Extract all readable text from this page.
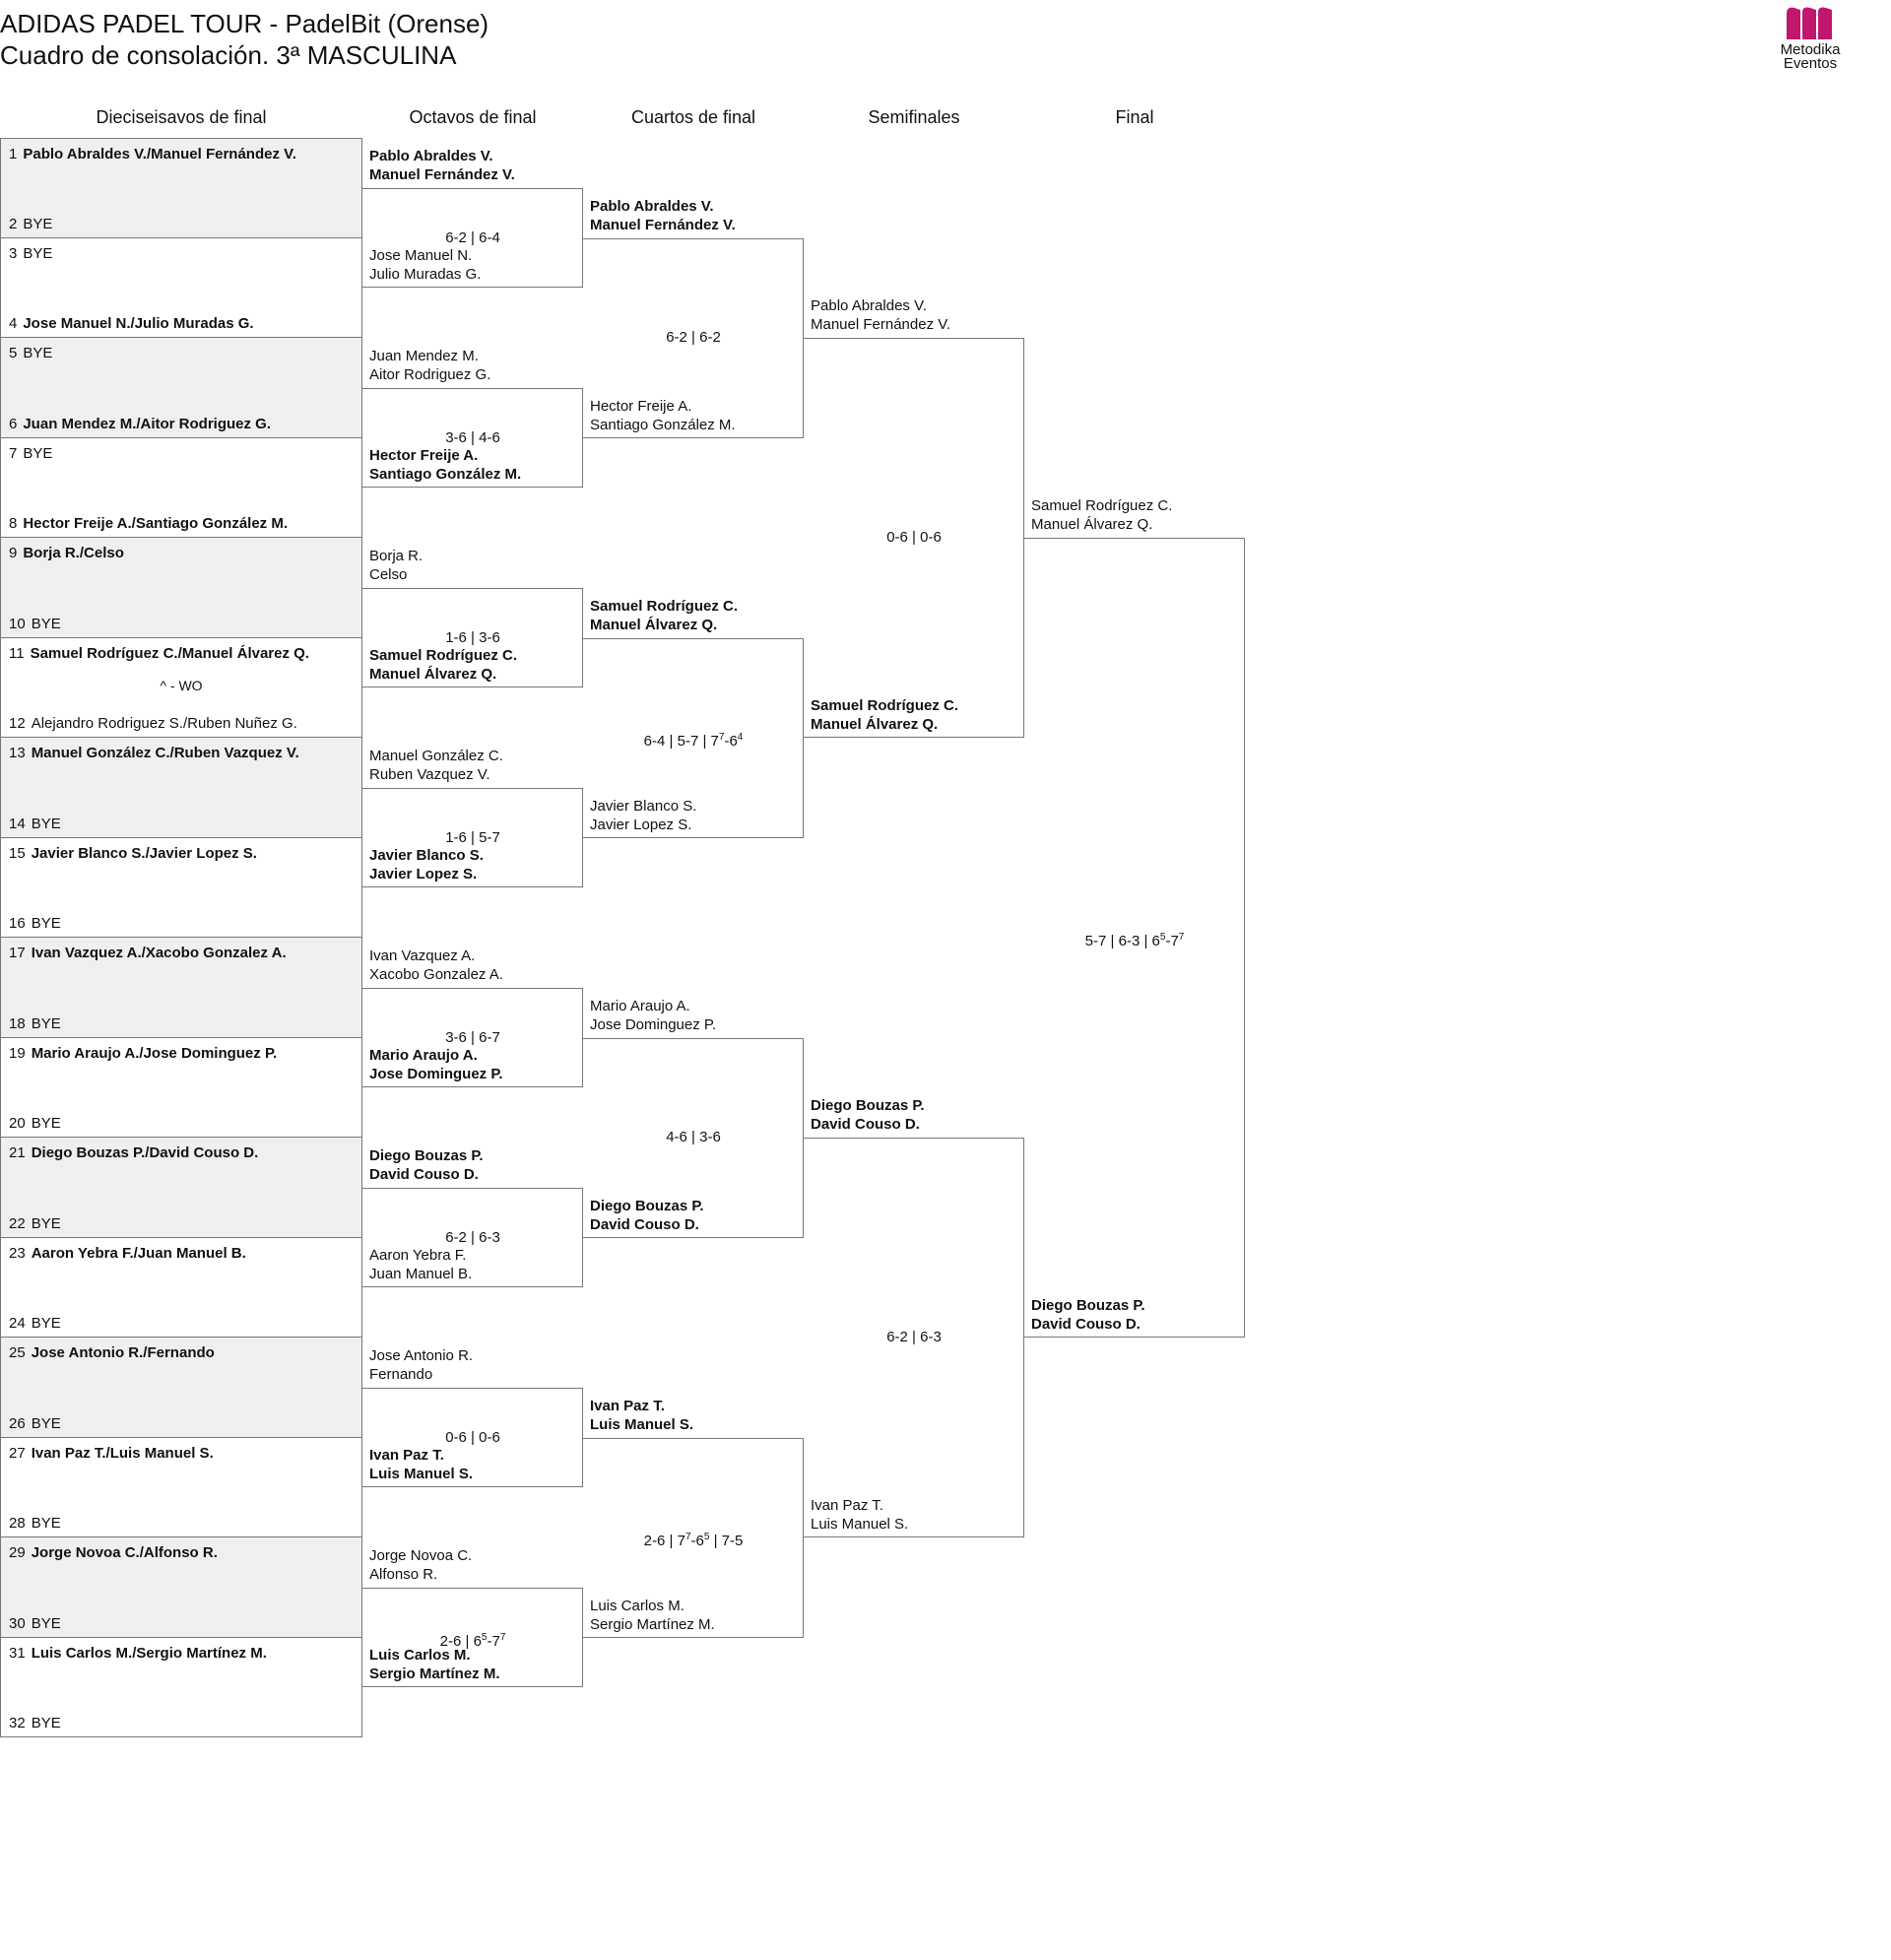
ADIDAS PADEL TOUR - PadelBit (Orense)
Cuadro de consolación. 3ª MASCULINA	Metodika
Eventos
Dieciseisavos de final	Octavos de final	Cuartos de final	Semifinales	Final
1 Pablo Abraldes V./Manuel Fernández V.
2 BYE
3 BYE
4 Jose Manuel N./Julio Muradas G.
5 BYE
6 Juan Mendez M./Aitor Rodriguez G.
7 BYE
8 Hector Freije A./Santiago González M.
9 Borja R./Celso
10 BYE
11 Samuel Rodríguez C./Manuel Álvarez Q.
12 Alejandro Rodriguez S./Ruben Nuñez G.
^ - WO
13 Manuel González C./Ruben Vazquez V.
14 BYE
15 Javier Blanco S./Javier Lopez S.
16 BYE
17 Ivan Vazquez A./Xacobo Gonzalez A.
18 BYE
19 Mario Araujo A./Jose Dominguez P.
20 BYE
21 Diego Bouzas P./David Couso D.
22 BYE
23 Aaron Yebra F./Juan Manuel B.
24 BYE
25 Jose Antonio R./Fernando
26 BYE
27 Ivan Paz T./Luis Manuel S.
28 BYE
29 Jorge Novoa C./Alfonso R.
30 BYE
31 Luis Carlos M./Sergio Martínez M.
32 BYE
Pablo Abraldes V.
Manuel Fernández V.
Jose Manuel N.
Julio Muradas G.
6-2 | 6-4
Juan Mendez M.
Aitor Rodriguez G.
Hector Freije A.
Santiago González M.
3-6 | 4-6
Borja R.
Celso
Samuel Rodríguez C.
Manuel Álvarez Q.
1-6 | 3-6
Manuel González C.
Ruben Vazquez V.
Javier Blanco S.
Javier Lopez S.
1-6 | 5-7
Ivan Vazquez A.
Xacobo Gonzalez A.
Mario Araujo A.
Jose Dominguez P.
3-6 | 6-7
Diego Bouzas P.
David Couso D.
Aaron Yebra F.
Juan Manuel B.
6-2 | 6-3
Jose Antonio R.
Fernando
Ivan Paz T.
Luis Manuel S.
0-6 | 0-6
Jorge Novoa C.
Alfonso R.
Luis Carlos M.
Sergio Martínez M.
2-6 | $6^5-7^7$
Pablo Abraldes V.
Manuel Fernández V.
Hector Freije A.
Santiago González M.
6-2 | 6-2
Samuel Rodríguez C.
Manuel Álvarez Q.
Javier Blanco S.
Javier Lopez S.
6-4 | 5-7 | $7^7-6^4$
Mario Araujo A.
Jose Dominguez P.
Diego Bouzas P.
David Couso D.
4-6 | 3-6
Ivan Paz T.
Luis Manuel S.
Luis Carlos M.
Sergio Martínez M.
2-6 | $7^7-6^5$ | 7-5
Pablo Abraldes V.
Manuel Fernández V.
Samuel Rodríguez C.
Manuel Álvarez Q.
0-6 | 0-6
Diego Bouzas P.
David Couso D.
Ivan Paz T.
Luis Manuel S.
6-2 | 6-3
Samuel Rodríguez C.
Manuel Álvarez Q.
Diego Bouzas P.
David Couso D.
5-7 | 6-3 | $6^5-7^7$
